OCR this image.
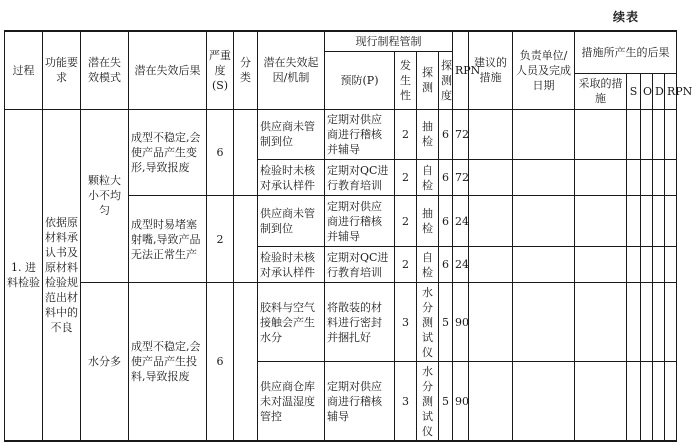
续表
过程	功能要求	潜在失效模式	潜在失效后果	严重度(S)	分类	潜在失效起因/机制	现行制程管制				RPN	建议的措施	负责单位/人员及完成日期	措施所产生的后果				
							预防(P)	发生性	探测	探测度								
														采取的措施	S	O	D	RPN
1. 进料检验	依据原材料承认书及原材料检验规范出材料中的不良	颗粒大小不均匀	成型不稳定,会使产品产生变形,导致报废	6		供应商未管制到位	定期对供应商进行稽核并辅导	2	抽检	6	72							
						检验时未核对承认样件	定期对QC进行教育培训	2	自检	6	72							
			成型时易堵塞射嘴,导致产品无法正常生产	2		供应商未管制到位	定期对供应商进行稽核并辅导	2	抽检	6	24							
						检验时未核对承认样件	定期对QC进行教育培训	2	自检	6	24							
		水分多	成型不稳定,会使产品产生投料,导致报废	6		胶料与空气接触会产生水分	将散装的材料进行密封并捆扎好	3	水分测试仪	5	90							
						供应商仓库未对温湿度管控	定期对供应商进行稽核辅导	3	水分测试仪	5	90							
